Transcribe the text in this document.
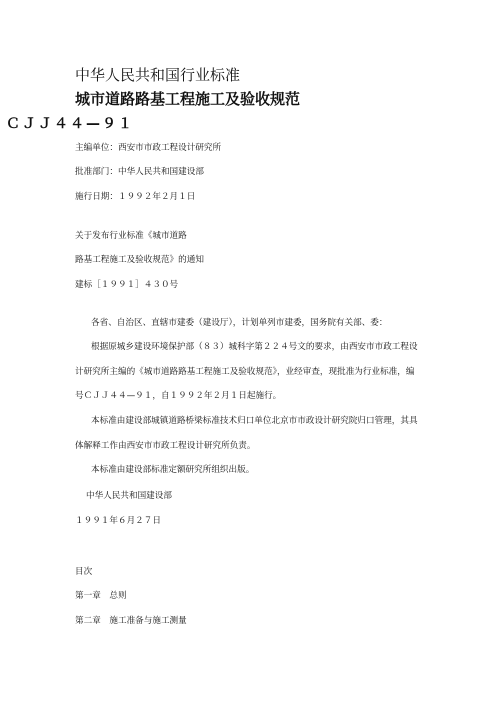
中华人民共和国行业标准
城市道路路基工程施工及验收规范
ＣＪＪ４４—９１
主编单位：西安市市政工程设计研究所
批准部门：中华人民共和国建设部
施行日期：１９９２年２月１日
关于发布行业标准《城市道路
路基工程施工及验收规范》的通知
建标［１９９１］４３０号
各省、自治区、直辖市建委（建设厅），计划单列市建委，国务院有关部、委：
根据原城乡建设环境保护部（８３）城科字第２２４号文的要求，由西安市市政工程设
计研究所主编的《城市道路路基工程施工及验收规范》，业经审查，现批准为行业标准，编
号ＣＪＪ４４—９１，自１９９２年２月１日起施行。
本标准由建设部城镇道路桥梁标准技术归口单位北京市市政设计研究院归口管理，其具
体解释工作由西安市市政工程设计研究所负责。
本标准由建设部标准定额研究所组织出版。
中华人民共和国建设部
１９９１年６月２７日
目次
第一章　总则
第二章　施工准备与施工测量
